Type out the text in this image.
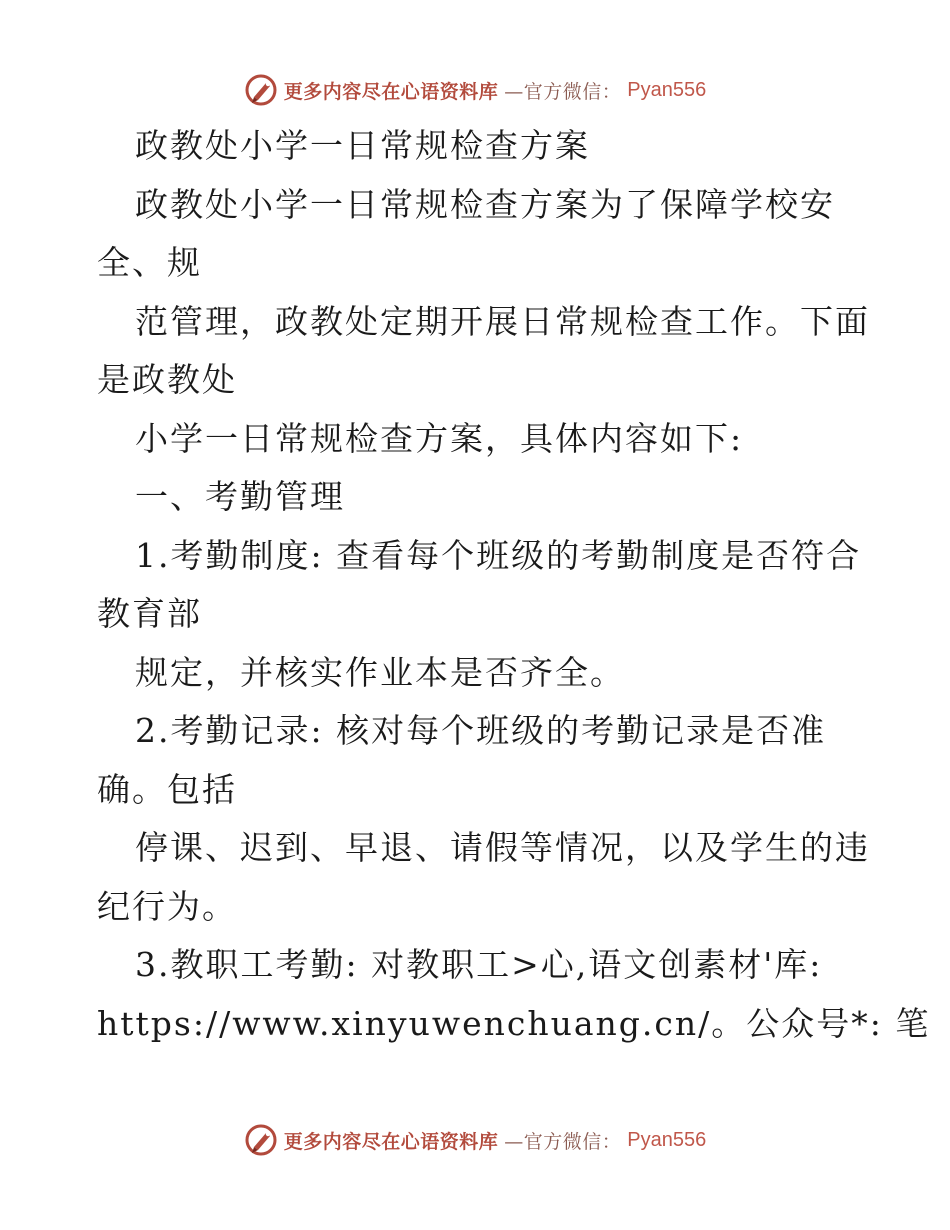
更多内容尽在心语资料库 —官方微信： Pyan556
政教处小学一日常规检查方案
政教处小学一日常规检查方案为了保障学校安
全、规
范管理，政教处定期开展日常规检查工作。下面
是政教处
小学一日常规检查方案，具体内容如下:
一、考勤管理
1.考勤制度: 查看每个班级的考勤制度是否符合
教育部
规定，并核实作业本是否齐全。
2.考勤记录: 核对每个班级的考勤记录是否准
确。包括
停课、迟到、早退、请假等情况，以及学生的违
纪行为。
3.教职工考勤: 对教职工>心,语文创素材'库:
https://www.xinyuwenchuang.cn/。公众号*: 笔
更多内容尽在心语资料库 —官方微信： Pyan556
